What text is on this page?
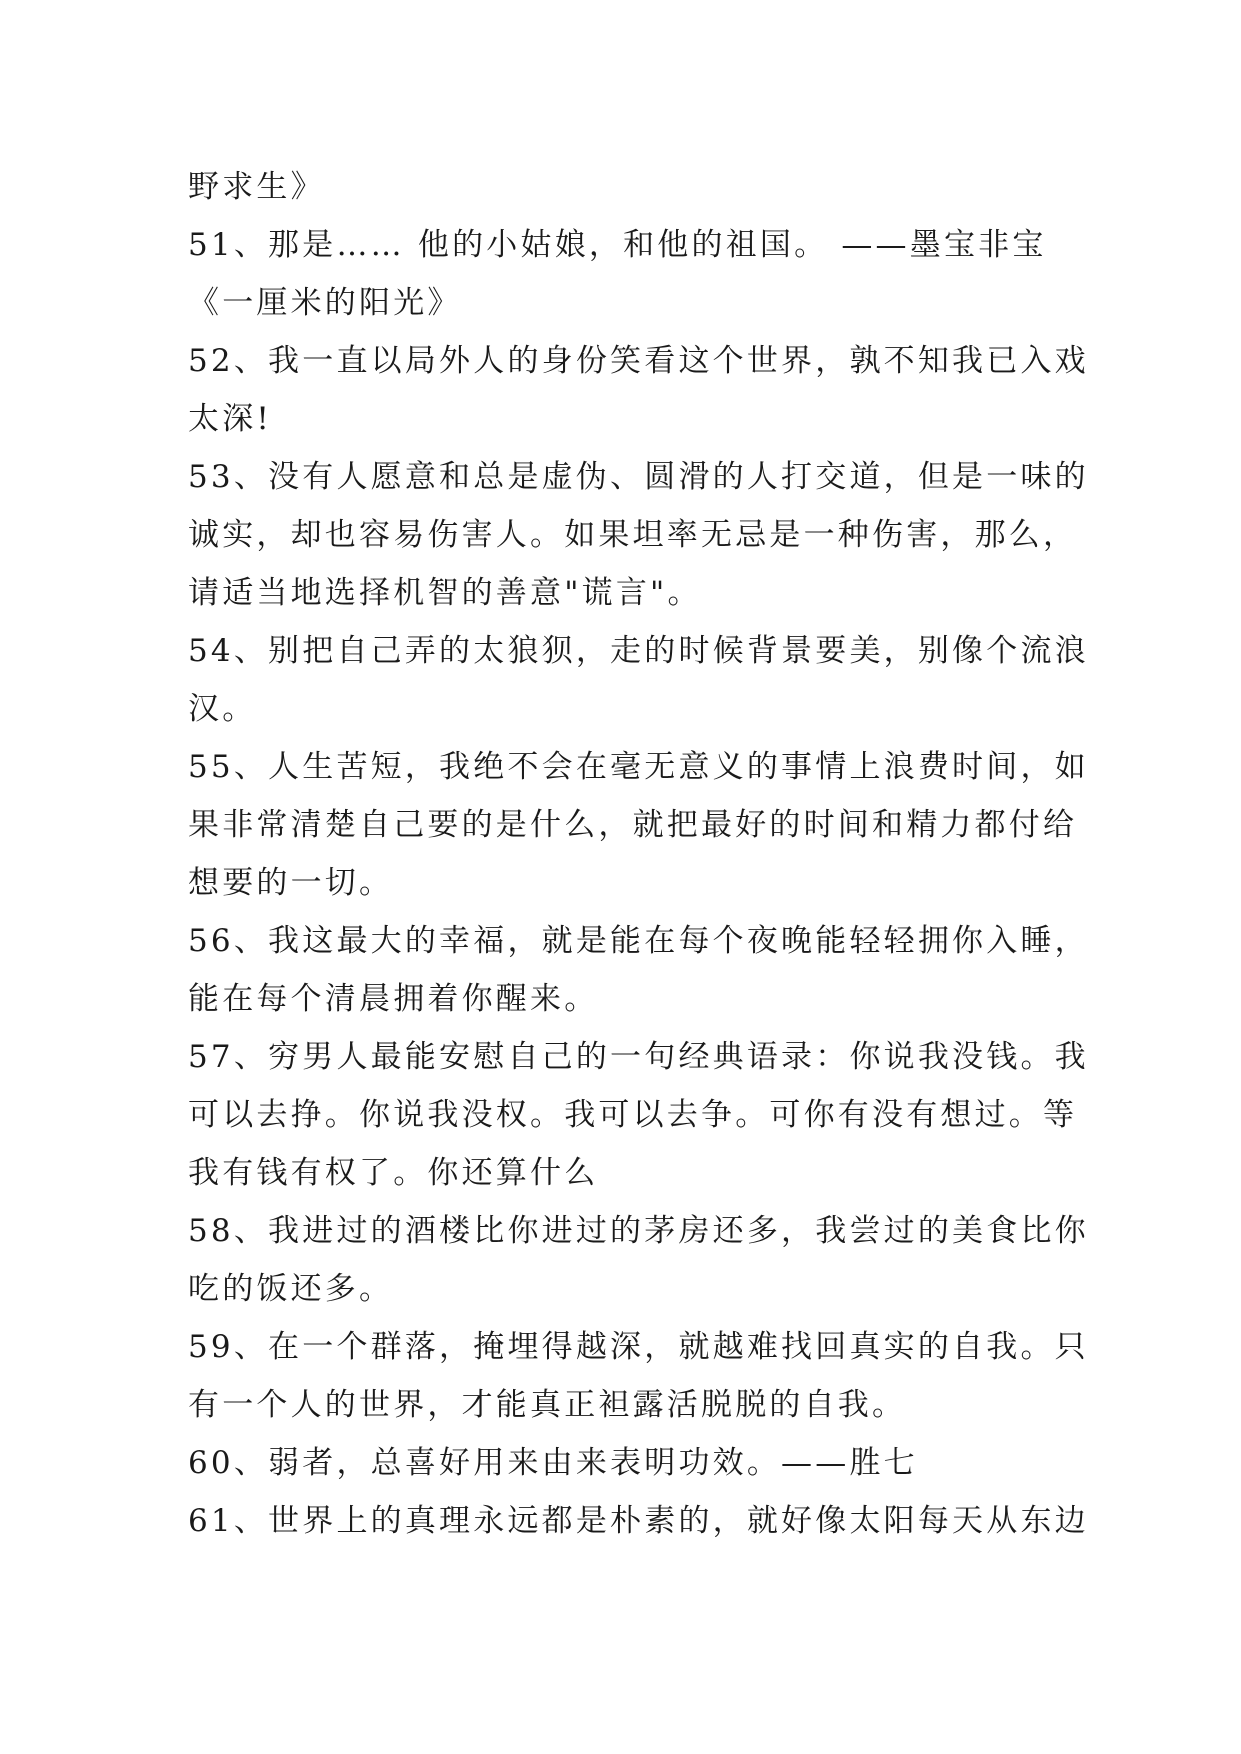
野求生》
51、那是…… 他的小姑娘，和他的祖国。 ——墨宝非宝
《一厘米的阳光》
52、我一直以局外人的身份笑看这个世界，孰不知我已入戏
太深!
53、没有人愿意和总是虚伪、圆滑的人打交道，但是一味的
诚实，却也容易伤害人。如果坦率无忌是一种伤害，那么，
请适当地选择机智的善意"谎言"。
54、别把自己弄的太狼狈，走的时候背景要美，别像个流浪
汉。
55、人生苦短，我绝不会在毫无意义的事情上浪费时间，如
果非常清楚自己要的是什么，就把最好的时间和精力都付给
想要的一切。
56、我这最大的幸福，就是能在每个夜晚能轻轻拥你入睡，
能在每个清晨拥着你醒来。
57、穷男人最能安慰自己的一句经典语录：你说我没钱。我
可以去挣。你说我没权。我可以去争。可你有没有想过。等
我有钱有权了。你还算什么
58、我进过的酒楼比你进过的茅房还多，我尝过的美食比你
吃的饭还多。
59、在一个群落，掩埋得越深，就越难找回真实的自我。只
有一个人的世界，才能真正袒露活脱脱的自我。
60、弱者，总喜好用来由来表明功效。——胜七
61、世界上的真理永远都是朴素的，就好像太阳每天从东边
